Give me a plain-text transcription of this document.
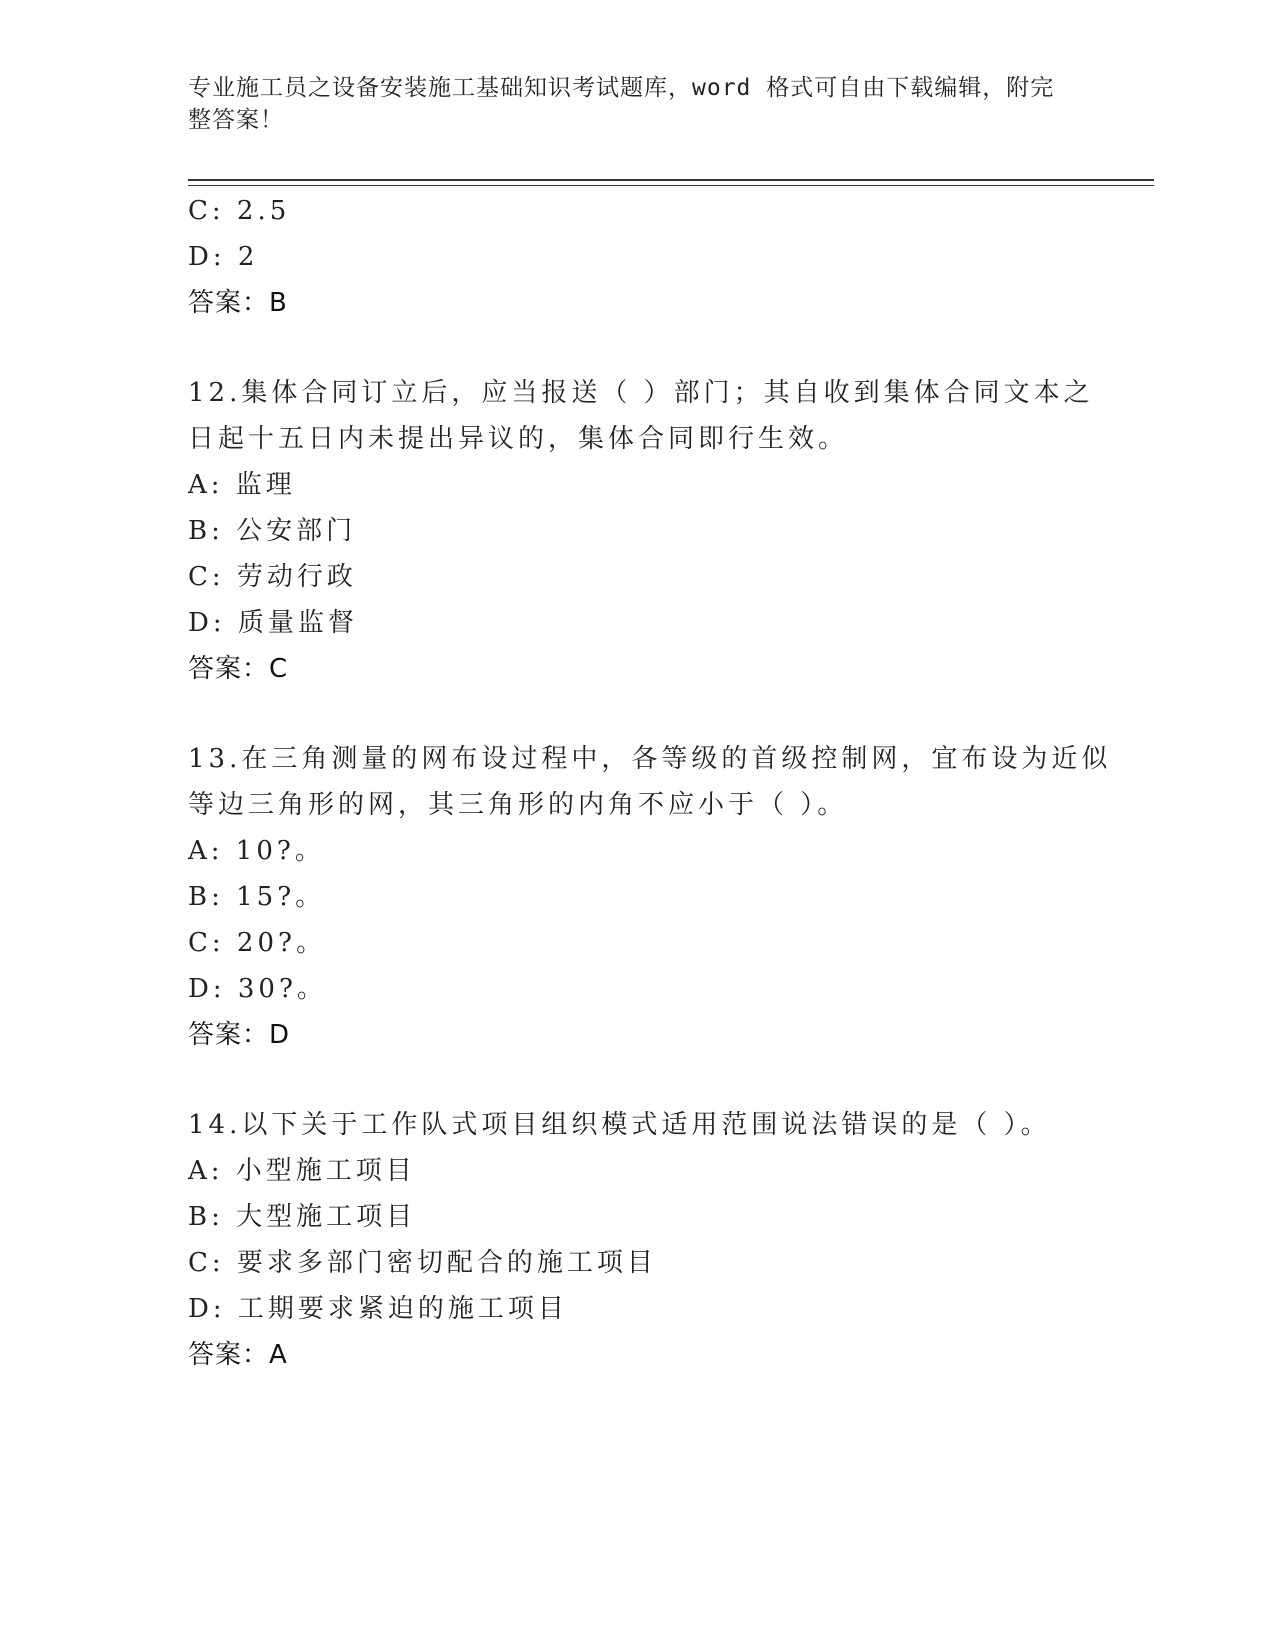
专业施工员之设备安装施工基础知识考试题库，word 格式可自由下载编辑，附完
整答案！
C: 2.5
D: 2
答案：B
12.集体合同订立后，应当报送（ ）部门；其自收到集体合同文本之
日起十五日内未提出异议的，集体合同即行生效。
A: 监理
B: 公安部门
C: 劳动行政
D: 质量监督
答案：C
13.在三角测量的网布设过程中，各等级的首级控制网，宜布设为近似
等边三角形的网，其三角形的内角不应小于（ ）。
A: 10?。
B: 15?。
C: 20?。
D: 30?。
答案：D
14.以下关于工作队式项目组织模式适用范围说法错误的是（ ）。
A: 小型施工项目
B: 大型施工项目
C: 要求多部门密切配合的施工项目
D: 工期要求紧迫的施工项目
答案：A
